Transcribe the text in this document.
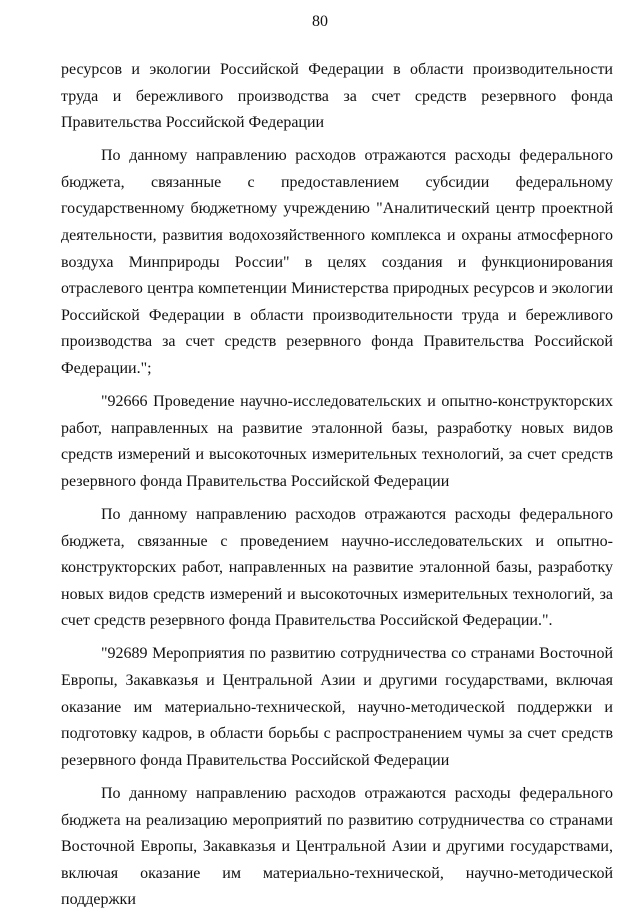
80

ресурсов и экологии Российской Федерации в области производительности труда и бережливого производства за счет средств резервного фонда Правительства Российской Федерации

По данному направлению расходов отражаются расходы федерального бюджета, связанные с предоставлением субсидии федеральному государственному бюджетному учреждению "Аналитический центр проектной деятельности, развития водохозяйственного комплекса и охраны атмосферного воздуха Минприроды России" в целях создания и функционирования отраслевого центра компетенции Министерства природных ресурсов и экологии Российской Федерации в области производительности труда и бережливого производства за счет средств резервного фонда Правительства Российской Федерации.";

"92666 Проведение научно-исследовательских и опытно-конструкторских работ, направленных на развитие эталонной базы, разработку новых видов средств измерений и высокоточных измерительных технологий, за счет средств резервного фонда Правительства Российской Федерации

По данному направлению расходов отражаются расходы федерального бюджета, связанные с проведением научно-исследовательских и опытно-конструкторских работ, направленных на развитие эталонной базы, разработку новых видов средств измерений и высокоточных измерительных технологий, за счет средств резервного фонда Правительства Российской Федерации.".

"92689 Мероприятия по развитию сотрудничества со странами Восточной Европы, Закавказья и Центральной Азии и другими государствами, включая оказание им материально-технической, научно-методической поддержки и подготовку кадров, в области борьбы с распространением чумы за счет средств резервного фонда Правительства Российской Федерации

По данному направлению расходов отражаются расходы федерального бюджета на реализацию мероприятий по развитию сотрудничества со странами Восточной Европы, Закавказья и Центральной Азии и другими государствами, включая оказание им материально-технической, научно-методической поддержки
